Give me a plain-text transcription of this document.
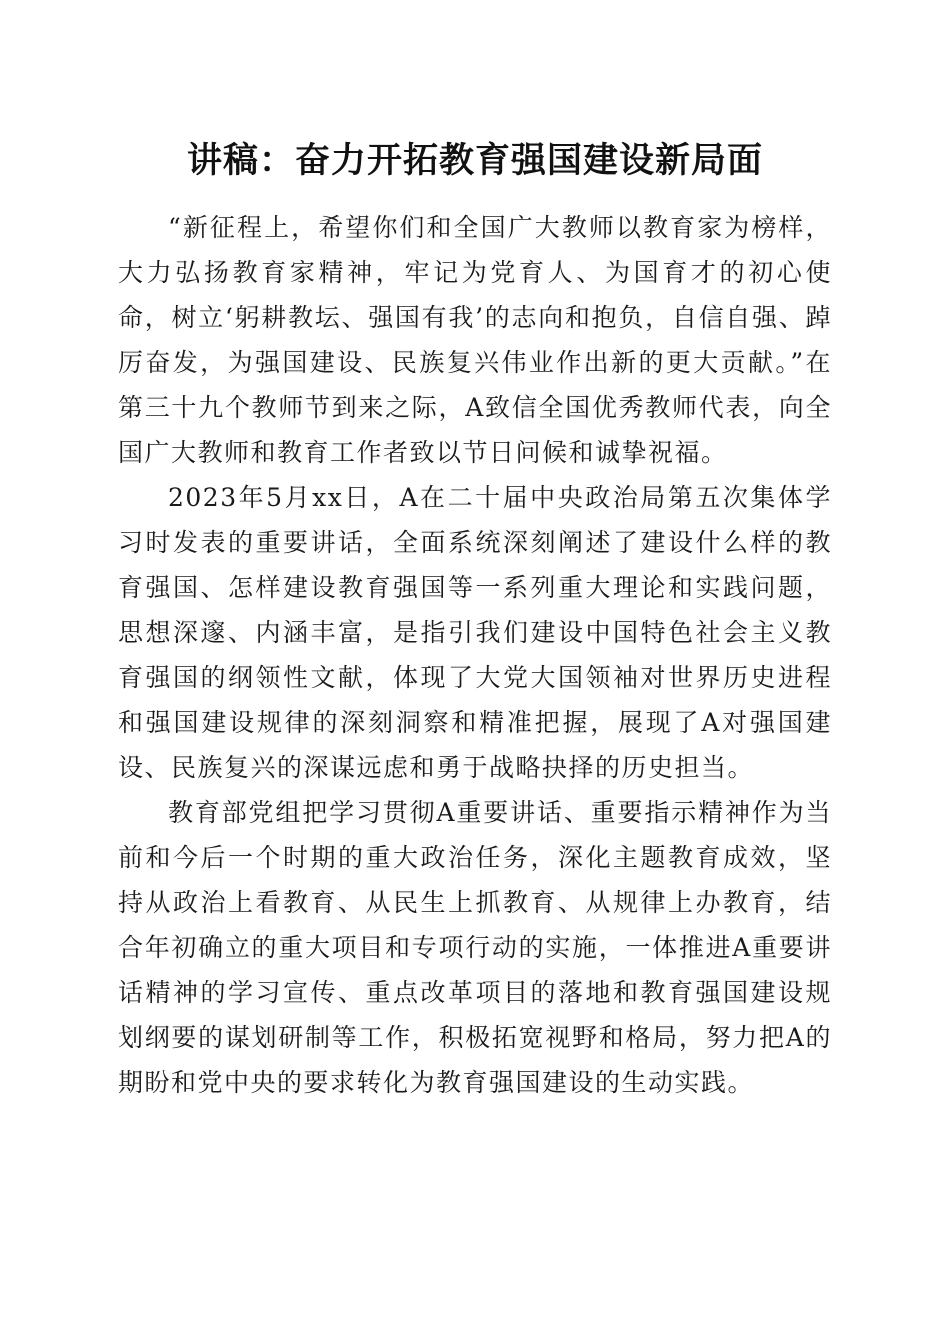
讲稿：奋力开拓教育强国建设新局面

“新征程上，希望你们和全国广大教师以教育家为榜样，大力弘扬教育家精神，牢记为党育人、为国育才的初心使命，树立‘躬耕教坛、强国有我’的志向和抱负，自信自强、踔厉奋发，为强国建设、民族复兴伟业作出新的更大贡献。”在第三十九个教师节到来之际，A致信全国优秀教师代表，向全国广大教师和教育工作者致以节日问候和诚挚祝福。

2023年5月xx日，A在二十届中央政治局第五次集体学习时发表的重要讲话，全面系统深刻阐述了建设什么样的教育强国、怎样建设教育强国等一系列重大理论和实践问题，思想深邃、内涵丰富，是指引我们建设中国特色社会主义教育强国的纲领性文献，体现了大党大国领袖对世界历史进程和强国建设规律的深刻洞察和精准把握，展现了A对强国建设、民族复兴的深谋远虑和勇于战略抉择的历史担当。

教育部党组把学习贯彻A重要讲话、重要指示精神作为当前和今后一个时期的重大政治任务，深化主题教育成效，坚持从政治上看教育、从民生上抓教育、从规律上办教育，结合年初确立的重大项目和专项行动的实施，一体推进A重要讲话精神的学习宣传、重点改革项目的落地和教育强国建设规划纲要的谋划研制等工作，积极拓宽视野和格局，努力把A的期盼和党中央的要求转化为教育强国建设的生动实践。
